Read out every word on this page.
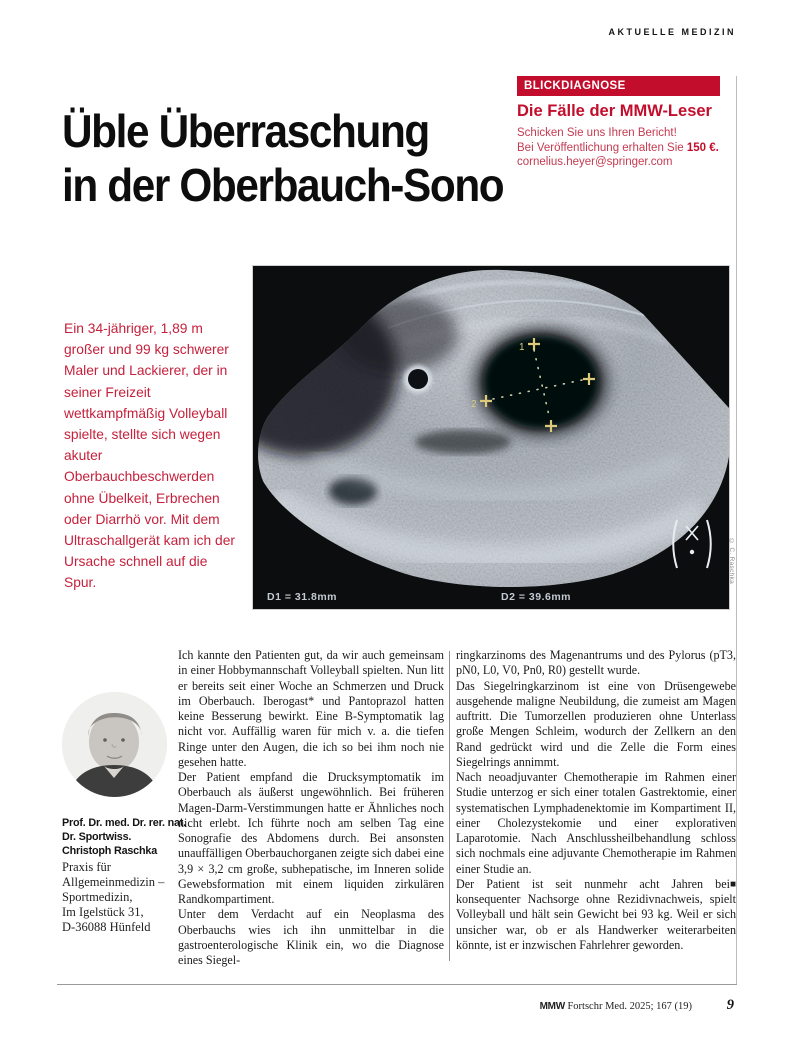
AKTUELLE MEDIZIN
BLICKDIAGNOSE
Die Fälle der MMW-Leser
Schicken Sie uns Ihren Bericht!
Bei Veröffentlichung erhalten Sie 150 €.
cornelius.heyer@springer.com
Üble Überraschung
in der Oberbauch-Sono
Ein 34-jähriger, 1,89 m großer und 99 kg schwerer Maler und Lackierer, der in seiner Freizeit wettkampfmäßig Volleyball spielte, stellte sich wegen akuter Oberbauchbeschwerden ohne Übelkeit, Erbrechen oder Diarrhö vor. Mit dem Ultraschallgerät kam ich der Ursache schnell auf die Spur.
1
2
D1 = 31.8mm	D2 = 39.6mm
© C. Raschka
Prof. Dr. med. Dr. rer. nat.
Dr. Sportwiss.
Christoph Raschka
Praxis für
Allgemeinmedizin –
Sportmedizin,
Im Igelstück 31,
D-36088 Hünfeld

Ich kannte den Patienten gut, da wir auch gemeinsam in einer Hobbymannschaft Volleyball spielten. Nun litt er bereits seit einer Woche an Schmerzen und Druck im Oberbauch. Iberogast* und Pantoprazol hatten keine Besserung bewirkt. Eine B-Symptomatik lag nicht vor. Auffällig waren für mich v. a. die tiefen Ringe unter den Augen, die ich so bei ihm noch nie gesehen hatte.

Der Patient empfand die Drucksymptomatik im Oberbauch als äußerst ungewöhnlich. Bei früheren Magen-Darm-Verstimmungen hatte er Ähnliches noch nicht erlebt. Ich führte noch am selben Tag eine Sonografie des Abdomens durch. Bei ansonsten unauffälligen Oberbauchorganen zeigte sich dabei eine 3,9 × 3,2 cm große, subhepatische, im Inneren solide Gewebsformation mit einem liquiden zirkulären Randkompartiment.

Unter dem Verdacht auf ein Neoplasma des Oberbauchs wies ich ihn unmittelbar in die gastroenterologische Klinik ein, wo die Diagnose eines Siegel-

ringkarzinoms des Magenantrums und des Pylorus (pT3, pN0, L0, V0, Pn0, R0) gestellt wurde.

Das Siegelringkarzinom ist eine von Drüsengewebe ausgehende maligne Neubildung, die zumeist am Magen auftritt. Die Tumorzellen produzieren ohne Unterlass große Mengen Schleim, wodurch der Zellkern an den Rand gedrückt wird und die Zelle die Form eines Siegelrings annimmt.

Nach neoadjuvanter Chemotherapie im Rahmen einer Studie unterzog er sich einer totalen Gastrektomie, einer systematischen Lymphadenektomie im Kompartiment II, einer Cholezystekomie und einer explorativen Laparotomie. Nach Anschlussheilbehandlung schloss sich nochmals eine adjuvante Chemotherapie im Rahmen einer Studie an.

■
Der Patient ist seit nunmehr acht Jahren bei konsequenter Nachsorge ohne Rezidivnachweis, spielt Volleyball und hält sein Gewicht bei 93 kg. Weil er sich unsicher war, ob er als Handwerker weiterarbeiten könnte, ist er inzwischen Fahrlehrer geworden.

MMW Fortschr Med. 2025; 167 (19)	9
